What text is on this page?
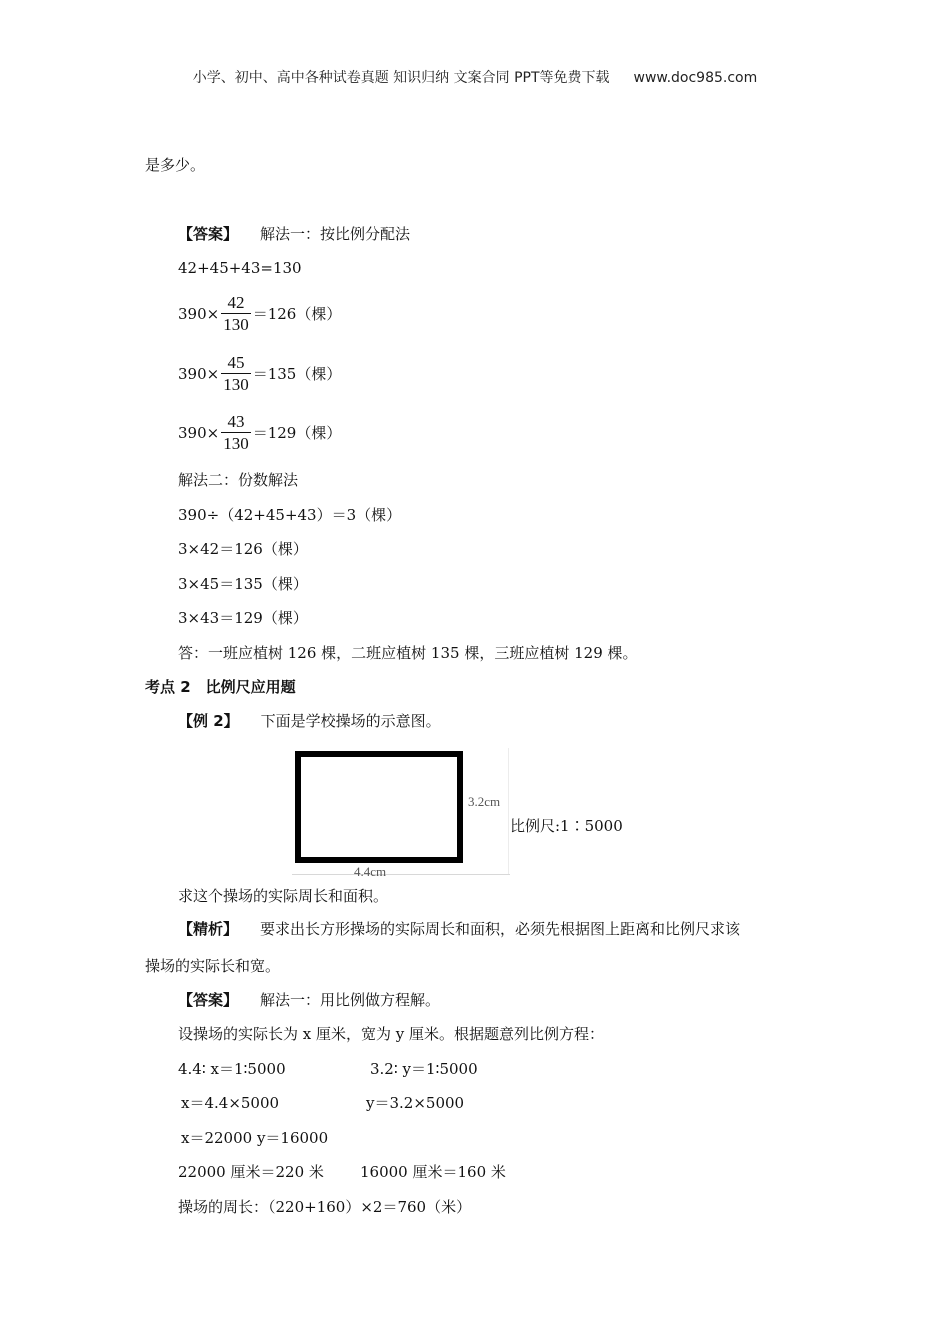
小学、初中、高中各种试卷真题 知识归纳 文案合同 PPT等免费下载 www.doc985.com
是多少。
【答案】 解法一：按比例分配法
42+45+43=130
$390\times \frac{42}{130} =126$（棵）
$390\times \frac{45}{130} =135$（棵）
$390\times \frac{43}{130} =129$（棵）
解法二：份数解法
390÷（42+45+43）＝3（棵）
3×42＝126（棵）
3×45＝135（棵）
3×43＝129（棵）
答：一班应植树 126 棵，二班应植树 135 棵，三班应植树 129 棵。
考点 2　比例尺应用题
【例 2】 下面是学校操场的示意图。
3.2cm
比例尺:1∶5000
4.4cm
求这个操场的实际周长和面积。
【精析】 要求出长方形操场的实际周长和面积，必须先根据图上距离和比例尺求该
操场的实际长和宽。
【答案】 解法一：用比例做方程解。
设操场的实际长为 x 厘米，宽为 y 厘米。根据题意列比例方程：
4.4∶ x＝1∶5000	3.2∶ y＝1∶5000
x＝4.4×5000	y＝3.2×5000
x＝22000 y＝16000
22000 厘米＝220 米 16000 厘米＝160 米
操场的周长：（220+160）×2＝760（米）
